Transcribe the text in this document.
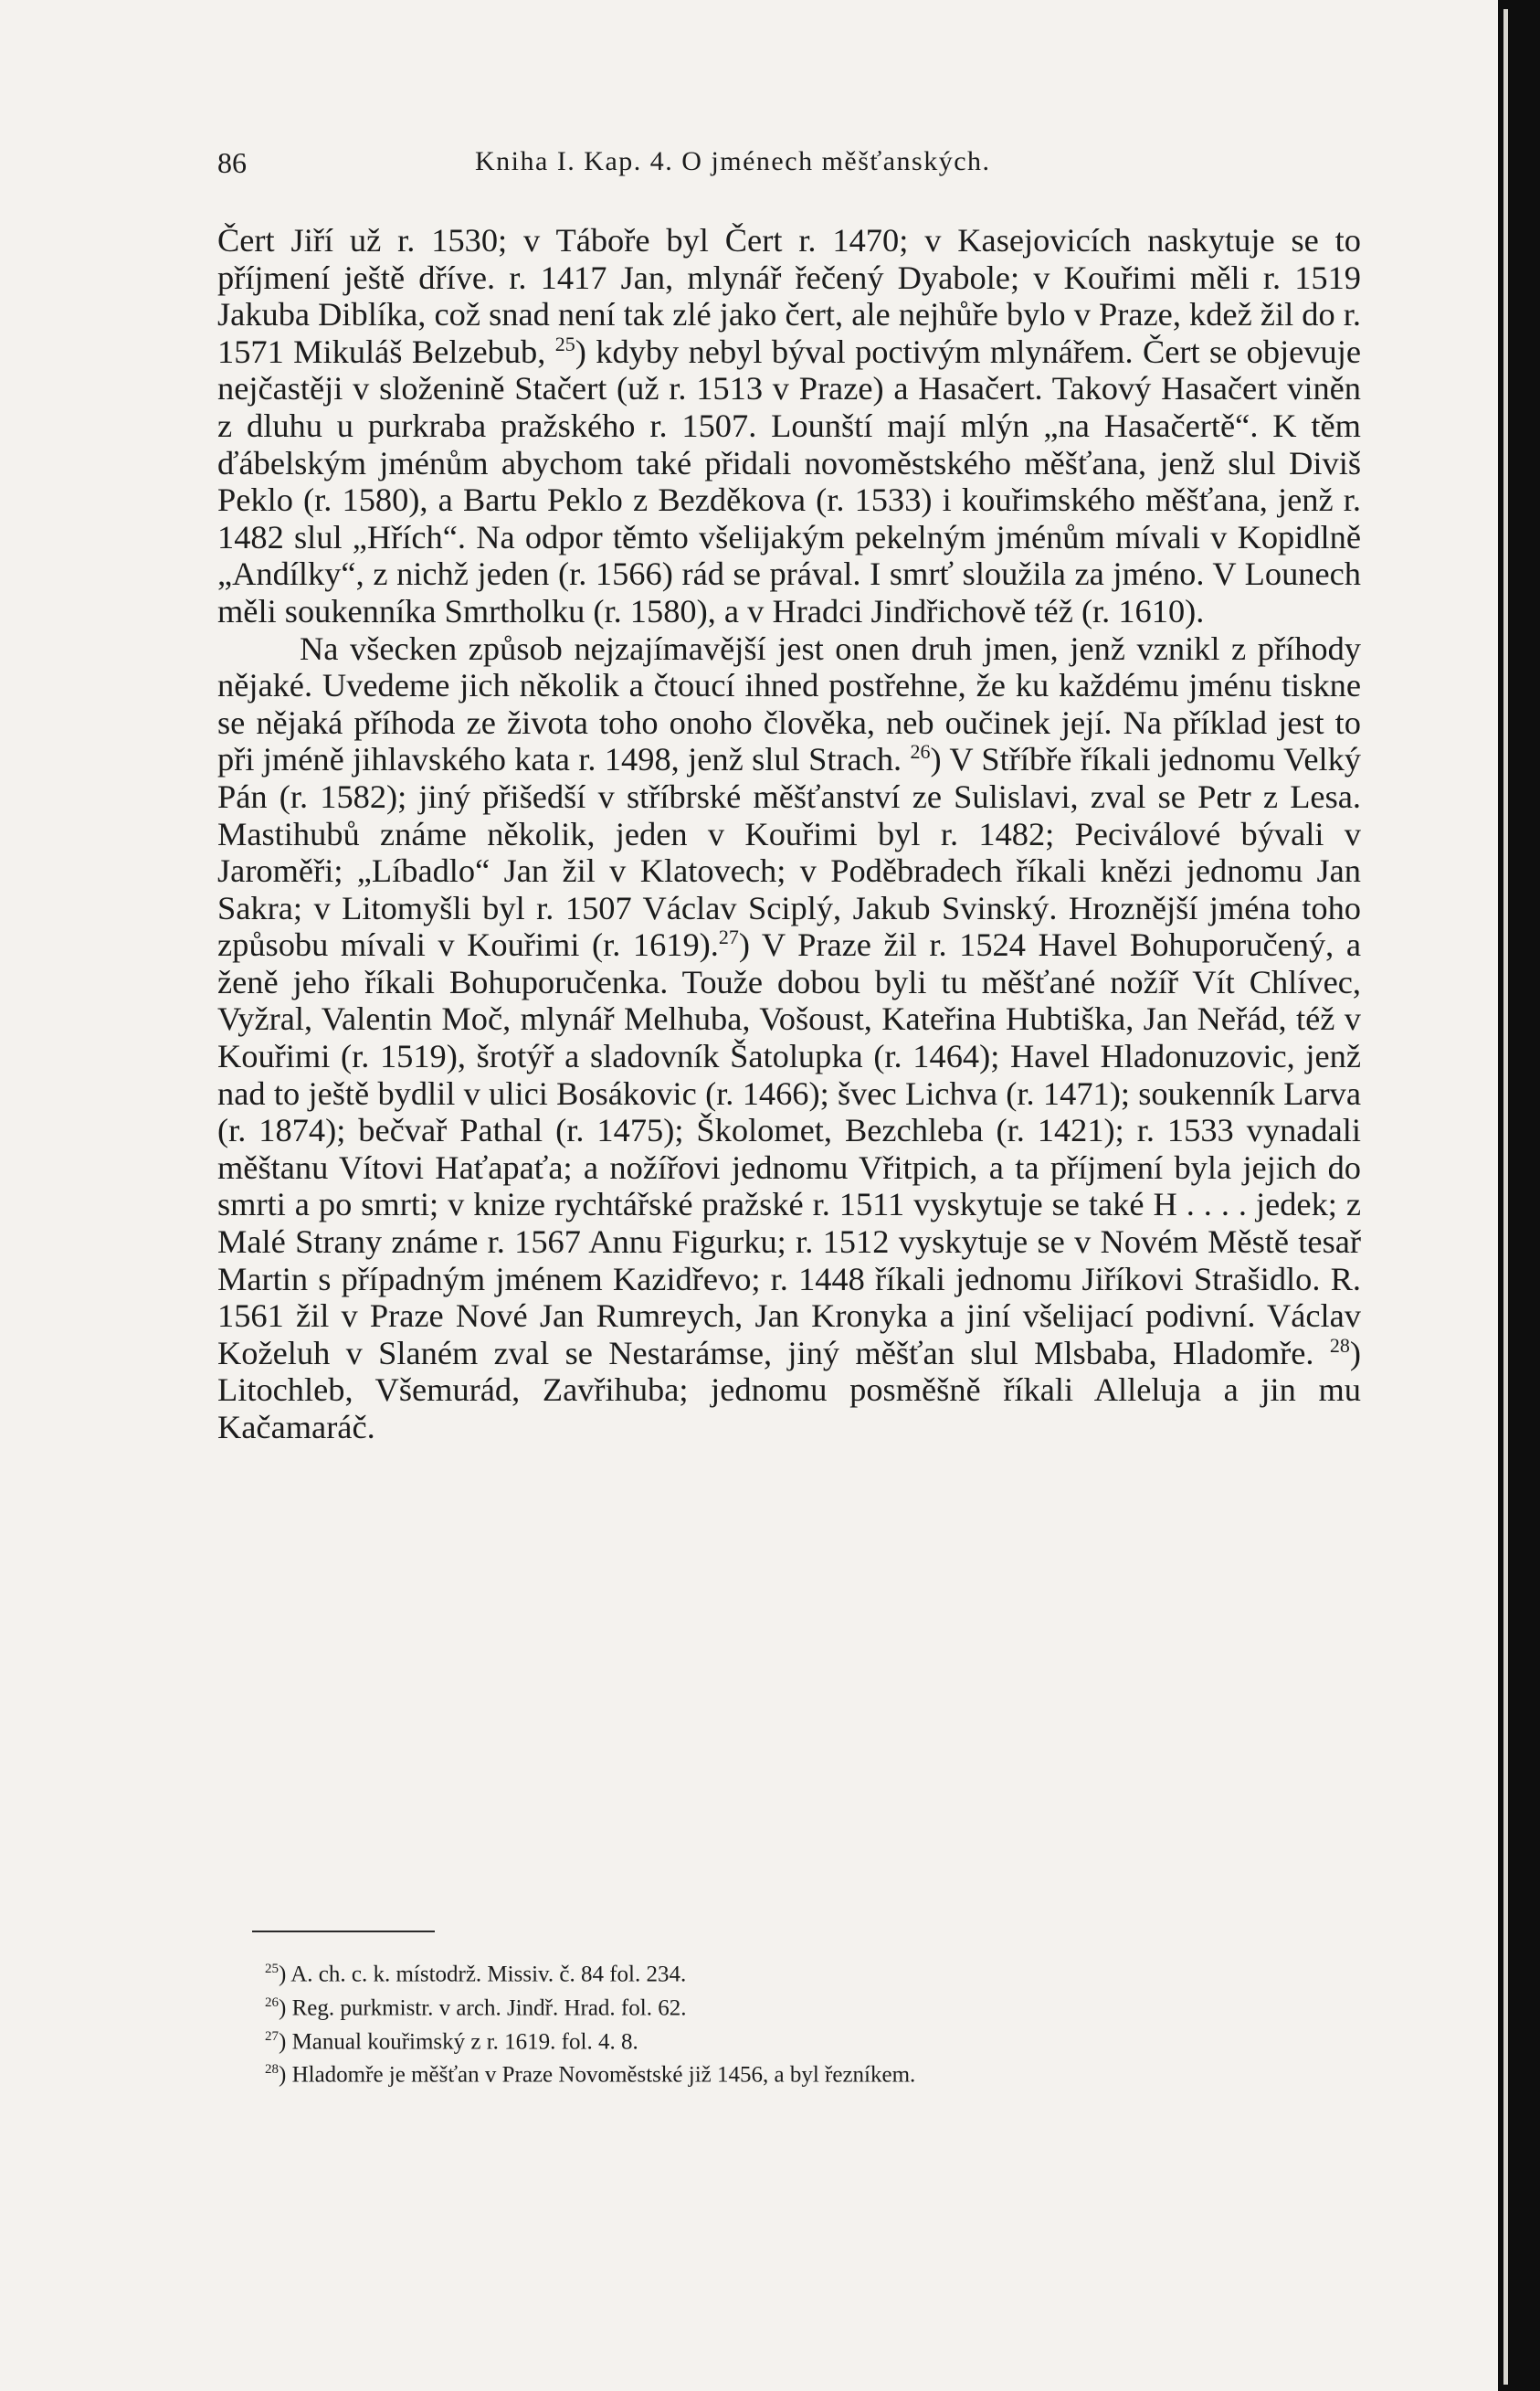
86	Kniha I. Kap. 4. O jménech měšťanských.

Čert Jiří už r. 1530; v Táboře byl Čert r. 1470; v Kasejovicích naskytuje se to příjmení ještě dříve. r. 1417 Jan, mlynář řečený Dyabole; v Kouřimi měli r. 1519 Jakuba Diblíka, což snad není tak zlé jako čert, ale nejhůře bylo v Praze, kdež žil do r. 1571 Mikuláš Belzebub, $^{25}$) kdyby nebyl býval poctivým mlynářem. Čert se objevuje nejčastěji v složenině Stačert (už r. 1513 v Praze) a Hasačert. Takový Hasačert viněn z dluhu u purkraba pražského r. 1507. Lounští mají mlýn „na Hasačertě“. K těm ďábelským jménům abychom také přidali novoměstského měšťana, jenž slul Diviš Peklo (r. 1580), a Bartu Peklo z Bezděkova (r. 1533) i kouřimského měšťana, jenž r. 1482 slul „Hřích“. Na odpor těmto všelijakým pekelným jménům mívali v Kopidlně „Andílky“, z nichž jeden (r. 1566) rád se prával. I smrť sloužila za jméno. V Lounech měli soukenníka Smrtholku (r. 1580), a v Hradci Jindřichově též (r. 1610).

Na všecken způsob nejzajímavější jest onen druh jmen, jenž vznikl z příhody nějaké. Uvedeme jich několik a čtoucí ihned postřehne, že ku každému jménu tiskne se nějaká příhoda ze života toho onoho člověka, neb oučinek její. Na příklad jest to při jméně jihlavského kata r. 1498, jenž slul Strach. $^{26}$) V Stříbře říkali jednomu Velký Pán (r. 1582); jiný přišedší v stříbrské měšťanství ze Sulislavi, zval se Petr z Lesa. Mastihubů známe několik, jeden v Kouřimi byl r. 1482; Peciválové bývali v Jaroměři; „Líbadlo“ Jan žil v Klatovech; v Poděbradech říkali knězi jednomu Jan Sakra; v Litomyšli byl r. 1507 Václav Sciplý, Jakub Svinský. Hroznější jména toho způsobu mívali v Kouřimi (r. 1619).$^{27}$) V Praze žil r. 1524 Havel Bohuporučený, a ženě jeho říkali Bohuporučenka. Touže dobou byli tu měšťané nožíř Vít Chlívec, Vyžral, Valentin Moč, mlynář Melhuba, Vošoust, Kateřina Hubtiška, Jan Neřád, též v Kouřimi (r. 1519), šrotýř a sladovník Šatolupka (r. 1464); Havel Hladonuzovic, jenž nad to ještě bydlil v ulici Bosákovic (r. 1466); švec Lichva (r. 1471); soukenník Larva (r. 1874); bečvař Pathal (r. 1475); Školomet, Bezchleba (r. 1421); r. 1533 vynadali měštanu Vítovi Haťapaťa; a nožířovi jednomu Vřitpich, a ta příjmení byla jejich do smrti a po smrti; v knize rychtářské pražské r. 1511 vyskytuje se také H . . . . jedek; z Malé Strany známe r. 1567 Annu Figurku; r. 1512 vyskytuje se v Novém Městě tesař Martin s případným jménem Kazidřevo; r. 1448 říkali jednomu Jiříkovi Strašidlo. R. 1561 žil v Praze Nové Jan Rumreych, Jan Kronyka a jiní všelijací podivní. Václav Koželuh v Slaném zval se Nestarámse, jiný měšťan slul Mlsbaba, Hladomře. $^{28}$) Litochleb, Všemurád, Zavřihuba; jednomu posměšně říkali Alleluja a jin mu Kačamaráč.

$^{25}$) A. ch. c. k. místodrž. Missiv. č. 84 fol. 234.
$^{26}$) Reg. purkmistr. v arch. Jindř. Hrad. fol. 62.
$^{27}$) Manual kouřimský z r. 1619. fol. 4. 8.
$^{28}$) Hladomře je měšťan v Praze Novoměstské již 1456, a byl řezníkem.
